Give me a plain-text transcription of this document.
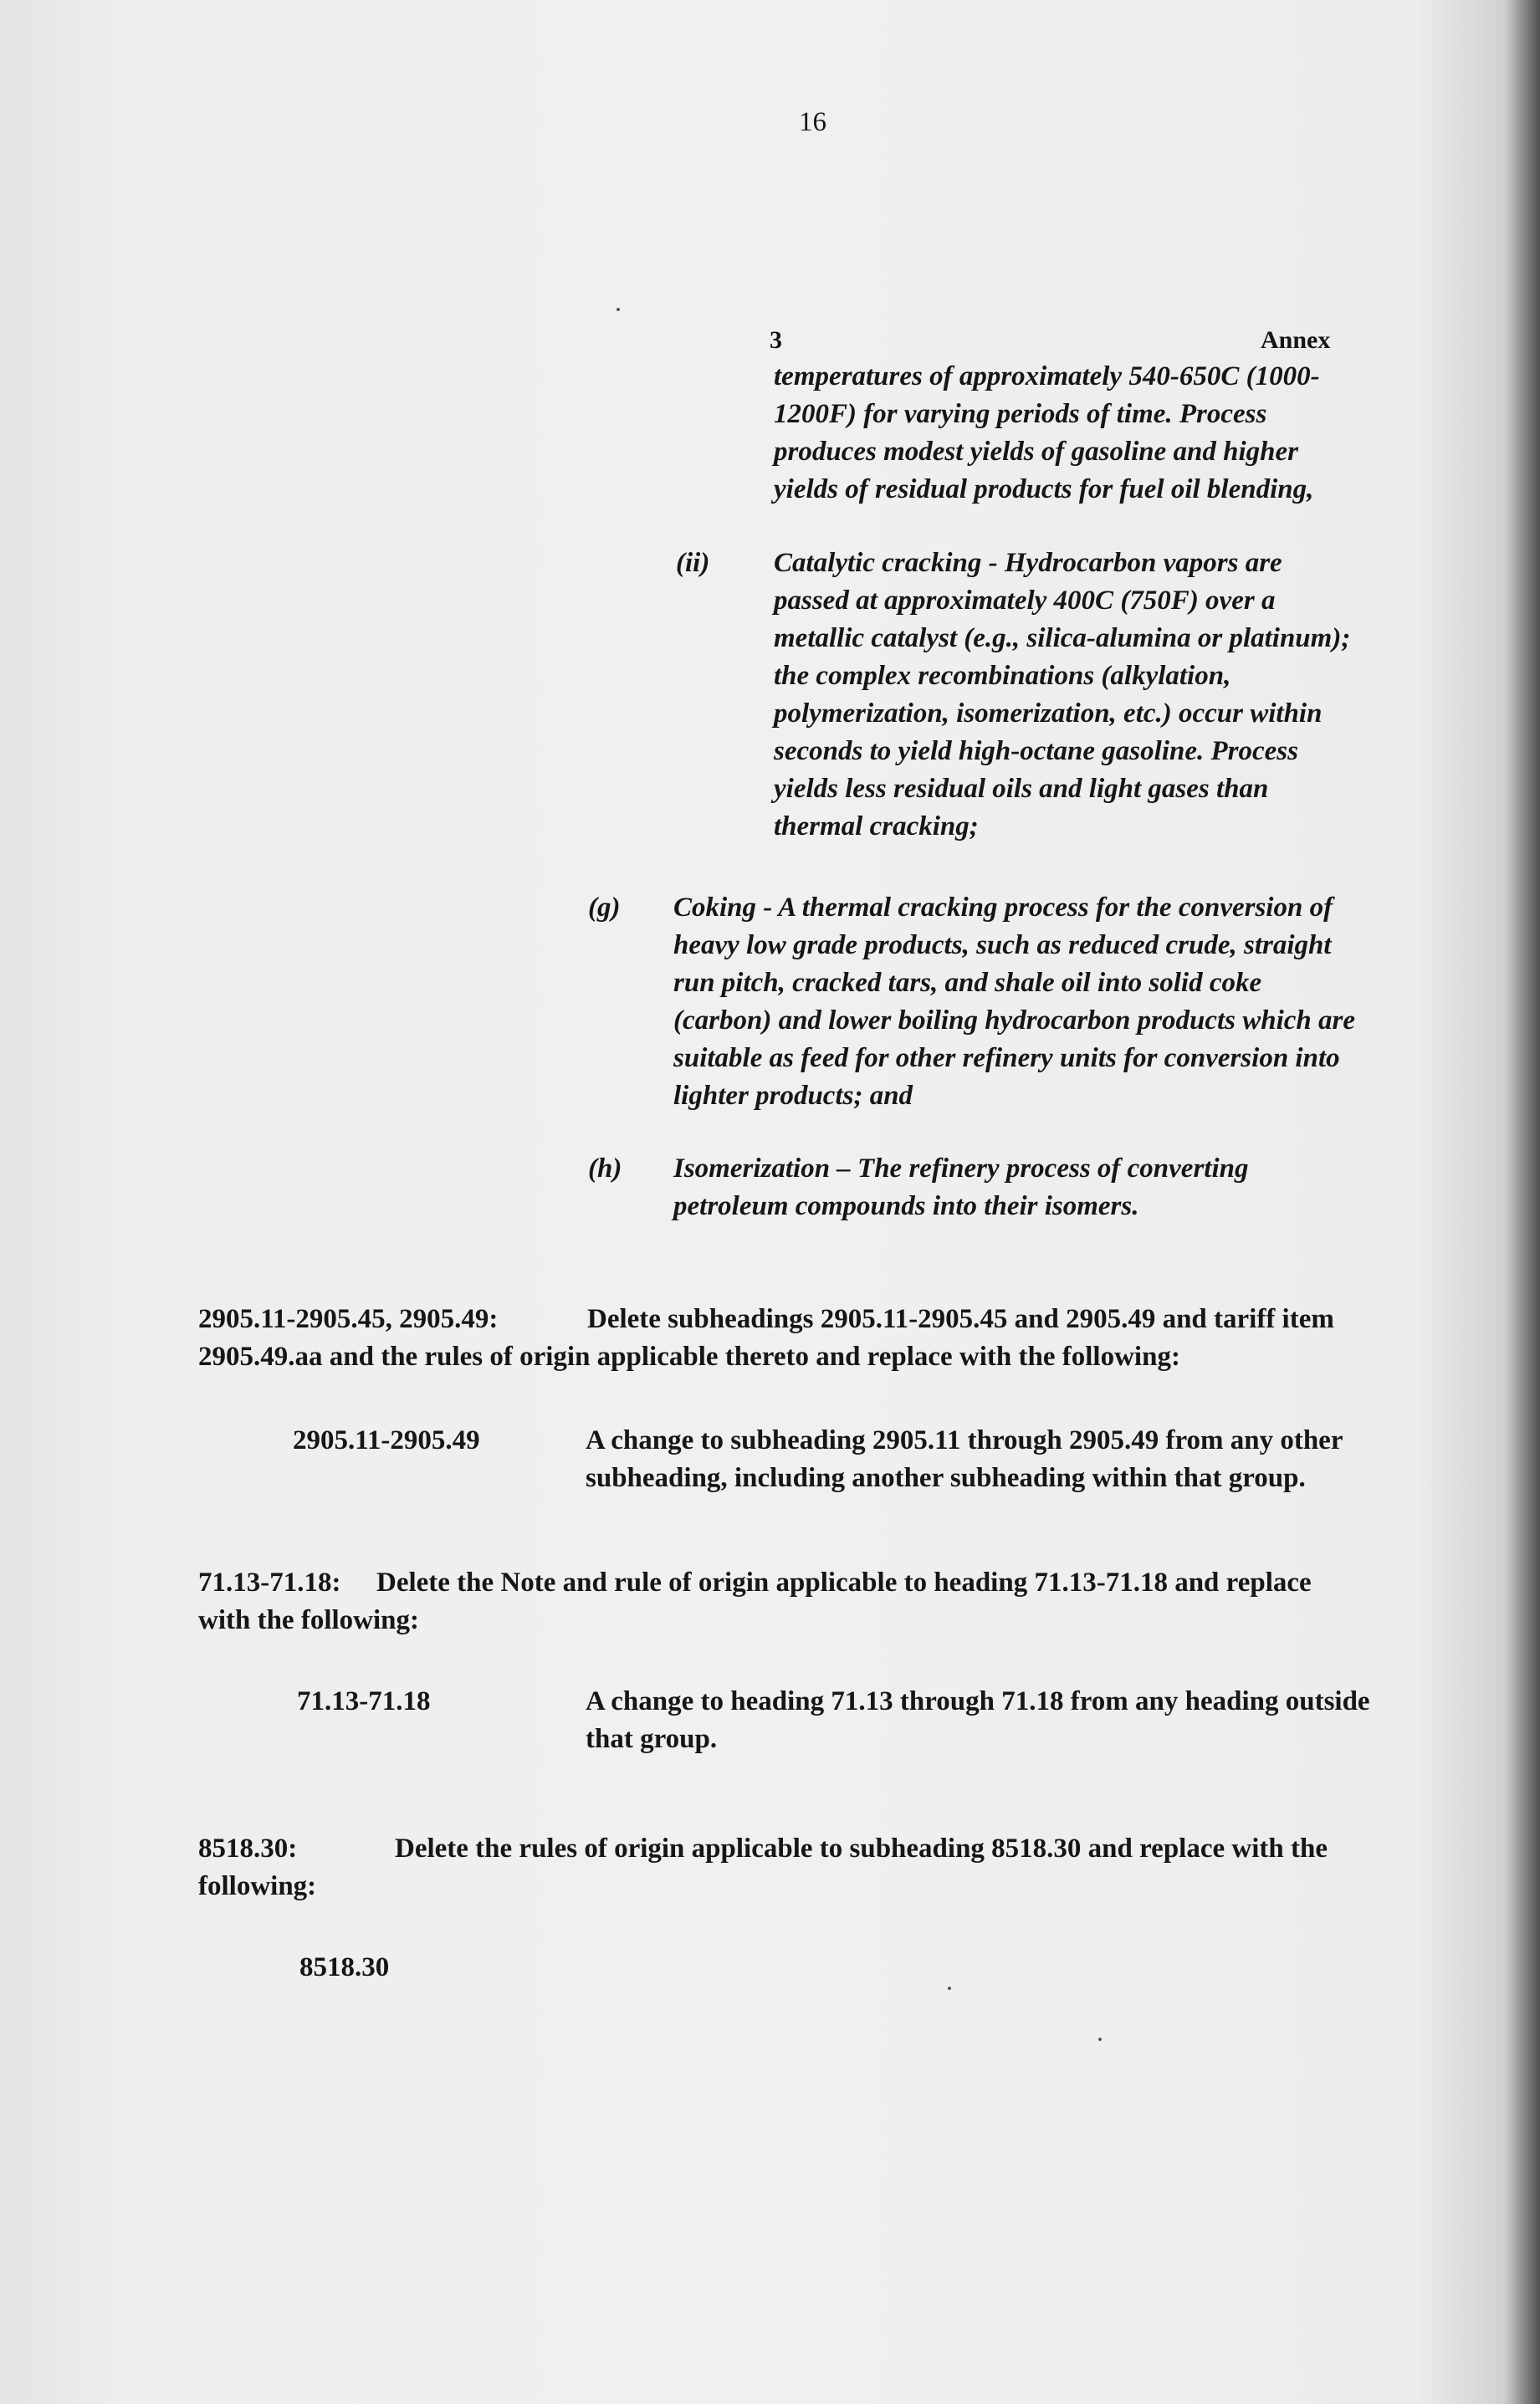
16
3	Annex
temperatures of approximately 540-650C (1000-
1200F) for varying periods of time. Process
produces modest yields of gasoline and higher
yields of residual products for fuel oil blending,
(ii) Catalytic cracking - Hydrocarbon vapors are
passed at approximately 400C (750F) over a
metallic catalyst (e.g., silica-alumina or platinum);
the complex recombinations (alkylation,
polymerization, isomerization, etc.) occur within
seconds to yield high-octane gasoline. Process
yields less residual oils and light gases than
thermal cracking;
(g) Coking - A thermal cracking process for the conversion of
heavy low grade products, such as reduced crude, straight
run pitch, cracked tars, and shale oil into solid coke
(carbon) and lower boiling hydrocarbon products which are
suitable as feed for other refinery units for conversion into
lighter products; and
(h) Isomerization – The refinery process of converting
petroleum compounds into their isomers.
2905.11-2905.45, 2905.49:	Delete subheadings 2905.11-2905.45 and 2905.49 and tariff item
2905.49.aa and the rules of origin applicable thereto and replace with the following:
2905.11-2905.49	A change to subheading 2905.11 through 2905.49 from any other
subheading, including another subheading within that group.
71.13-71.18: Delete the Note and rule of origin applicable to heading 71.13-71.18 and replace
with the following:
71.13-71.18	A change to heading 71.13 through 71.18 from any heading outside
that group.
8518.30:	Delete the rules of origin applicable to subheading 8518.30 and replace with the
following:
8518.30
